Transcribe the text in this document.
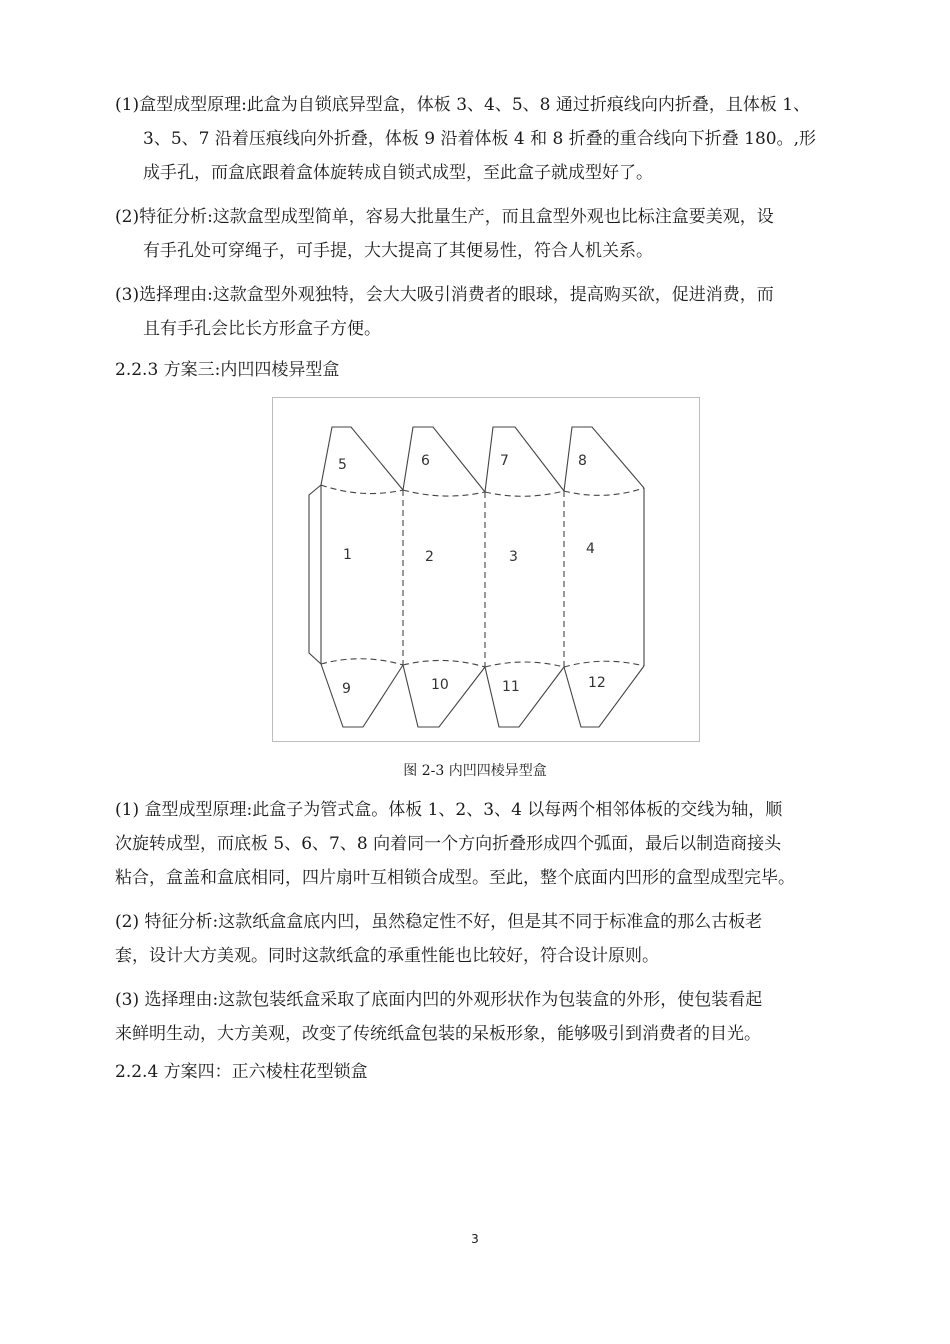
(1)盒型成型原理:此盒为自锁底异型盒，体板 3、4、5、8 通过折痕线向内折叠，且体板 1、
3、5、7 沿着压痕线向外折叠，体板 9 沿着体板 4 和 8 折叠的重合线向下折叠 180。,形
成手孔，而盒底跟着盒体旋转成自锁式成型，至此盒子就成型好了。
(2)特征分析:这款盒型成型简单，容易大批量生产，而且盒型外观也比标注盒要美观，设
有手孔处可穿绳子，可手提，大大提高了其便易性，符合人机关系。
(3)选择理由:这款盒型外观独特，会大大吸引消费者的眼球，提高购买欲，促进消费，而
且有手孔会比长方形盒子方便。
2.2.3 方案三:内凹四棱异型盒
5	6	7	8
1	2	3	4
9	10	11	12
图 2-3 内凹四棱异型盒
(1) 盒型成型原理:此盒子为管式盒。体板 1、2、3、4 以每两个相邻体板的交线为轴，顺
次旋转成型，而底板 5、6、7、8 向着同一个方向折叠形成四个弧面，最后以制造商接头
粘合，盒盖和盒底相同，四片扇叶互相锁合成型。至此，整个底面内凹形的盒型成型完毕。
(2) 特征分析:这款纸盒盒底内凹，虽然稳定性不好，但是其不同于标准盒的那么古板老
套，设计大方美观。同时这款纸盒的承重性能也比较好，符合设计原则。
(3) 选择理由:这款包装纸盒采取了底面内凹的外观形状作为包装盒的外形，使包装看起
来鲜明生动，大方美观，改变了传统纸盒包装的呆板形象，能够吸引到消费者的目光。
2.2.4 方案四：正六棱柱花型锁盒
3
